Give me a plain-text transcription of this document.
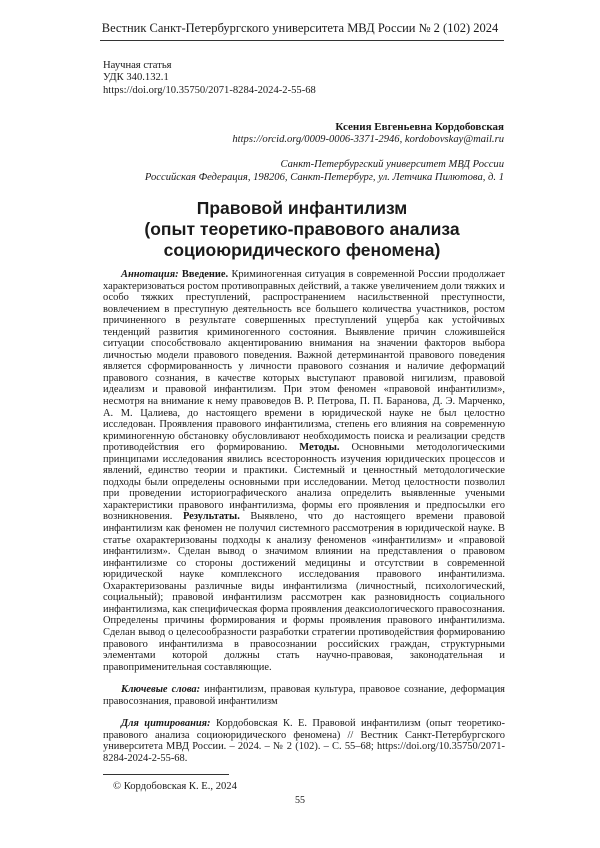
Вестник Санкт-Петербургского университета МВД России № 2 (102) 2024
Научная статья
УДК 340.132.1
https://doi.org/10.35750/2071-8284-2024-2-55-68
Ксения Евгеньевна Кордобовская
https://orcid.org/0009-0006-3371-2946, kordobovskay@mail.ru
Санкт-Петербургский университет МВД России
Российская Федерация, 198206, Санкт-Петербург, ул. Летчика Пилютова, д. 1
Правовой инфантилизм
(опыт теоретико-правового анализа
социоюридического феномена)

Аннотация: Введение. Криминогенная ситуация в современной России продолжает характеризоваться ростом противоправных действий, а также увеличением доли тяжких и особо тяжких преступлений, распространением насильственной преступности, вовлечением в преступную деятельность все большего количества участников, ростом причиненного в результате совершенных преступлений ущерба как устойчивых тенденций развития криминогенного состояния. Выявление причин сложившейся ситуации способствовало акцентированию внимания на значении факторов выбора личностью модели правового поведения. Важной детерминантой правового поведения является сформированность у личности правового сознания и наличие деформаций правового сознания, в качестве которых выступают правовой нигилизм, правовой идеализм и правовой инфантилизм. При этом феномен «правовой инфантилизм», несмотря на внимание к нему правоведов В. Р. Петрова, П. П. Баранова, Д. Э. Марченко, А. М. Цалиева, до настоящего времени в юридической науке не был целостно исследован. Проявления правового инфантилизма, степень его влияния на современную криминогенную обстановку обусловливают необходимость поиска и реализации средств противодействия его формированию. Методы. Основными методологическими принципами исследования явились всесторонность изучения юридических процессов и явлений, единство теории и практики. Системный и ценностный методологические подходы были определены основными при исследовании. Метод целостности позволил при проведении историографического анализа определить выявленные учеными характеристики правового инфантилизма, формы его проявления и предпосылки его возникновения. Результаты. Выявлено, что до настоящего времени правовой инфантилизм как феномен не получил системного рассмотрения в юридической науке. В статье охарактеризованы подходы к анализу феноменов «инфантилизм» и «правовой инфантилизм». Сделан вывод о значимом влиянии на представления о правовом инфантилизме со стороны достижений медицины и отсутствии в современной юридической науке комплексного исследования правового инфантилизма. Охарактеризованы различные виды инфантилизма (личностный, психологический, социальный); правовой инфантилизм рассмотрен как разновидность социального инфантилизма, как специфическая форма проявления деаксиологического правосознания. Определены причины формирования и формы проявления правового инфантилизма. Сделан вывод о целесообразности разработки стратегии противодействия формированию правового инфантилизма в правосознании российских граждан, структурными элементами которой должны стать научно-правовая, законодательная и правоприменительная составляющие.

Ключевые слова: инфантилизм, правовая культура, правовое сознание, деформация правосознания, правовой инфантилизм

Для цитирования: Кордобовская К. Е. Правовой инфантилизм (опыт теоретико-правового анализа социоюридического феномена) // Вестник Санкт-Петербургского университета МВД России. – 2024. – № 2 (102). – С. 55–68; https://doi.org/10.35750/2071-8284-2024-2-55-68.

© Кордобовская К. Е., 2024
55
